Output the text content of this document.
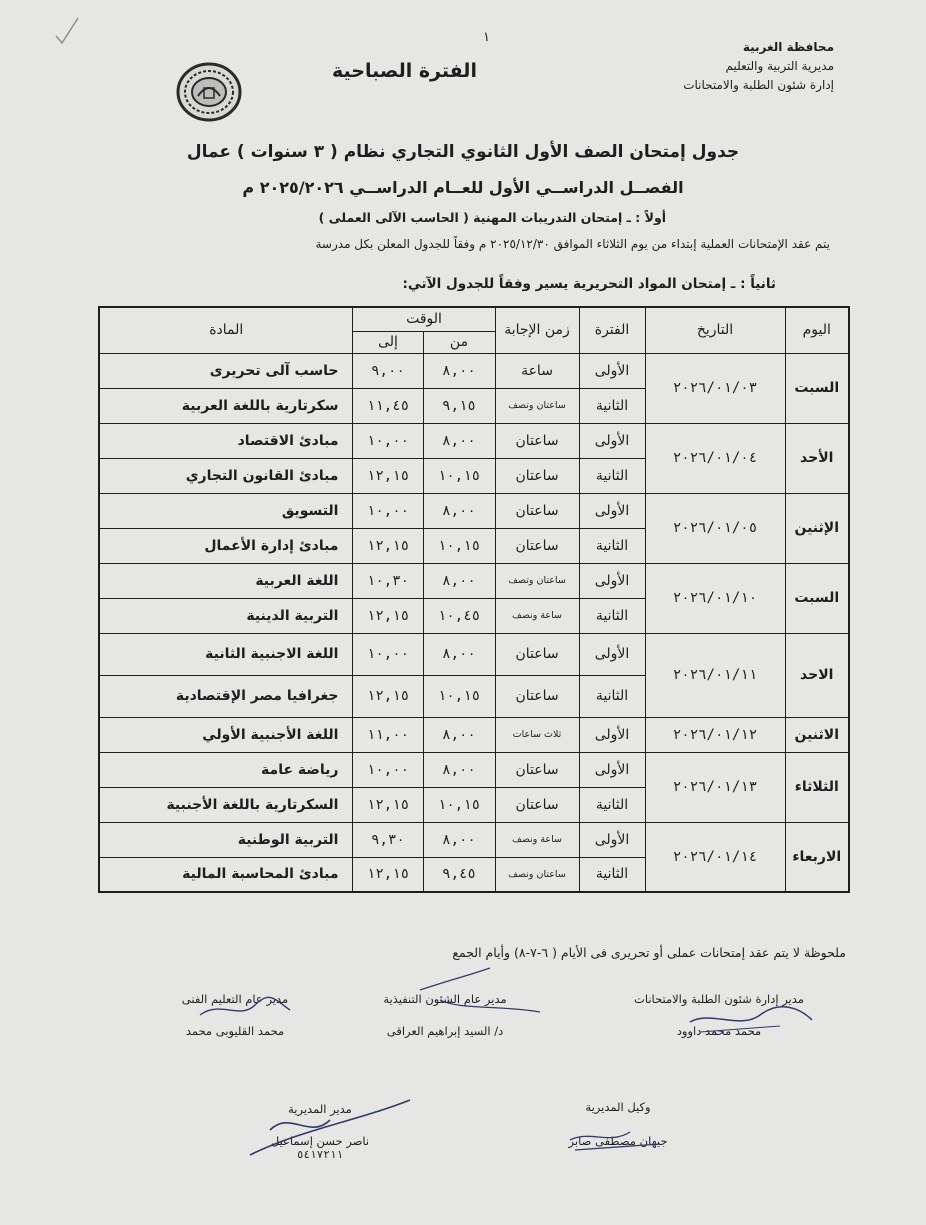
محافظة الغربية
مديرية التربية والتعليم
إدارة شئون الطلبة والامتحانات
١
الفترة الصباحية
جدول إمتحان الصف الأول الثانوي التجاري نظام ( ٣ سنوات ) عمال
الفصــل الدراســي الأول للعــام الدراســي ٢٠٢٥/٢٠٢٦ م
أولاً : ـ إمتحان التدريبات المهنية ( الحاسب الآلى العملى )
يتم عقد الإمتحانات العملية إبتداء من يوم الثلاثاء الموافق ٢٠٢٥/١٢/٣٠ م وفقاً للجدول المعلن بكل مدرسة
ثانياً : ـ إمتحان المواد التحريرية يسير وفقاً للجدول الآتي:
اليوم	التاريخ	الفترة	زمن الإجابة	الوقت		المادة
				من	إلى	
السبت	٢٠٢٦/٠١/٠٣	الأولى	ساعة	٨,٠٠	٩,٠٠	حاسب آلى تحريرى
		الثانية	ساعتان وتصف	٩,١٥	١١,٤٥	سكرتارية باللغة العربية
الأحد	٢٠٢٦/٠١/٠٤	الأولى	ساعتان	٨,٠٠	١٠,٠٠	مبادئ الاقتصاد
		الثانية	ساعتان	١٠,١٥	١٢,١٥	مبادئ القانون التجاري
الإثنين	٢٠٢٦/٠١/٠٥	الأولى	ساعتان	٨,٠٠	١٠,٠٠	التسويق
		الثانية	ساعتان	١٠,١٥	١٢,١٥	مبادئ إدارة الأعمال
السبت	٢٠٢٦/٠١/١٠	الأولى	ساعتان وتصف	٨,٠٠	١٠,٣٠	اللغة العربية
		الثانية	ساعة ونصف	١٠,٤٥	١٢,١٥	التربية الدينية
الاحد	٢٠٢٦/٠١/١١	الأولى	ساعتان	٨,٠٠	١٠,٠٠	اللغة الاجنبية الثانية
		الثانية	ساعتان	١٠,١٥	١٢,١٥	جغرافيا مصر الإقتصادية
الاثنين	٢٠٢٦/٠١/١٢	الأولى	ثلاث ساعات	٨,٠٠	١١,٠٠	اللغة الأجنبية الأولي
الثلاثاء	٢٠٢٦/٠١/١٣	الأولى	ساعتان	٨,٠٠	١٠,٠٠	رياضة عامة
		الثانية	ساعتان	١٠,١٥	١٢,١٥	السكرتارية باللغة الأجنبية
الاربعاء	٢٠٢٦/٠١/١٤	الأولى	ساعة ونصف	٨,٠٠	٩,٣٠	التربية الوطنية
		الثانية	ساعتان ونصف	٩,٤٥	١٢,١٥	مبادئ المحاسبة المالية
ملحوظة لا يتم عقد إمتحانات عملى أو تحريرى فى الأيام ( ٦-٧-٨) وأيام الجمع
مدير إدارة شئون الطلبة والامتحانات
محمد محمد داوود
مدير عام الشئون التنفيذية
د/ السيد إبراهيم العراقى
مدير عام التعليم الفنى
محمد القليوبى محمد
وكيل المديرية
جيهان مصطفى صابر
مدير المديرية
ناصر حسن إسماعيل
٥٤١٧٢١١
